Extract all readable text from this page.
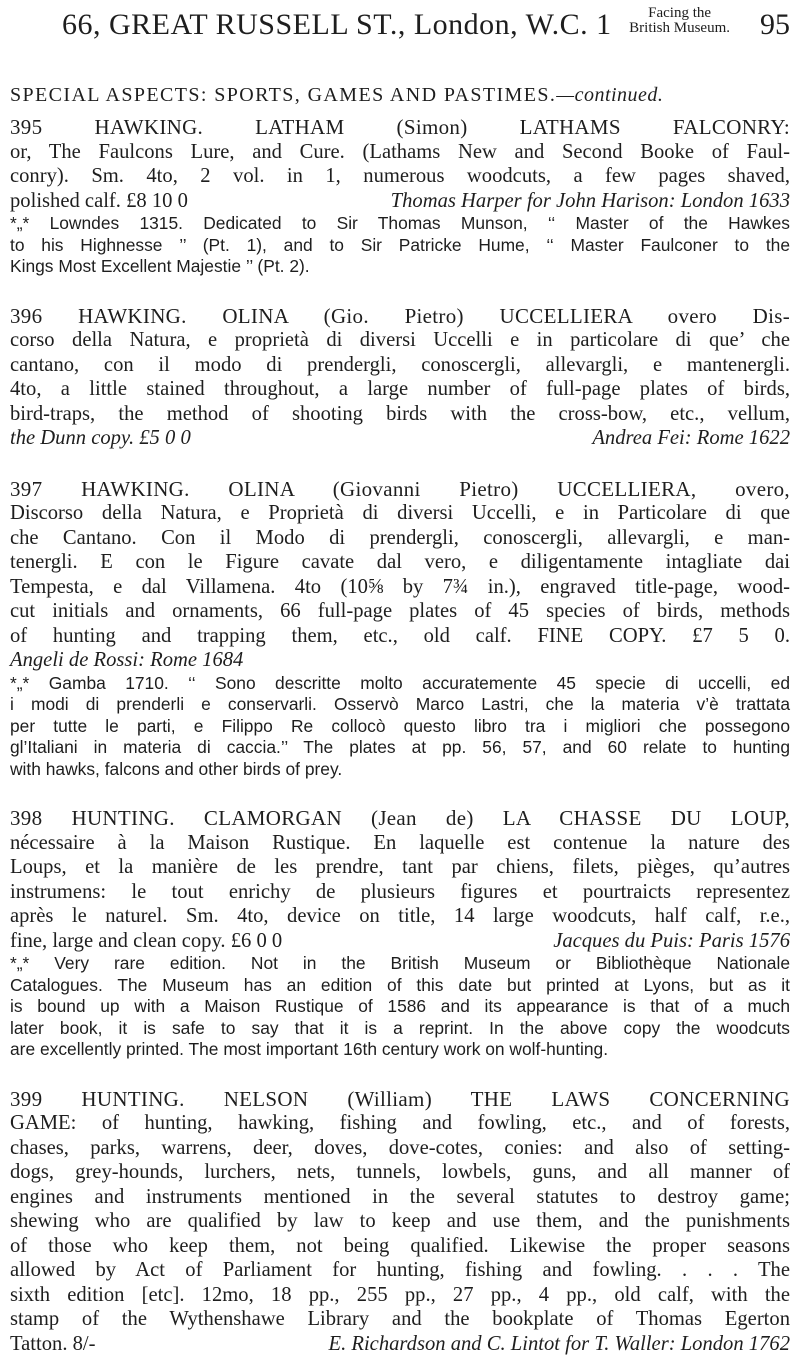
66, GREAT RUSSELL ST., London, W.C. 1	Facing the
British Museum. 95
SPECIAL ASPECTS: SPORTS, GAMES AND PASTIMES.—continued.
395 HAWKING. LATHAM (Simon) LATHAMS FALCONRY:
or, The Faulcons Lure, and Cure. (Lathams New and Second Booke of Faul-
conry). Sm. 4to, 2 vol. in 1, numerous woodcuts, a few pages shaved,
polished calf. £8 10 0	Thomas Harper for John Harison: London 1633
*„* Lowndes 1315. Dedicated to Sir Thomas Munson, ‘‘ Master of the Hawkes
to his Highnesse ’’ (Pt. 1), and to Sir Patricke Hume, ‘‘ Master Faulconer to the
Kings Most Excellent Majestie ’’ (Pt. 2).
396 HAWKING. OLINA (Gio. Pietro) UCCELLIERA overo Dis-
corso della Natura, e proprietà di diversi Uccelli e in particolare di que’ che
cantano, con il modo di prendergli, conoscergli, allevargli, e mantenergli.
4to, a little stained throughout, a large number of full-page plates of birds,
bird-traps, the method of shooting birds with the cross-bow, etc., vellum,
the Dunn copy. £5 0 0	Andrea Fei: Rome 1622
397 HAWKING. OLINA (Giovanni Pietro) UCCELLIERA, overo,
Discorso della Natura, e Proprietà di diversi Uccelli, e in Particolare di que
che Cantano. Con il Modo di prendergli, conoscergli, allevargli, e man-
tenergli. E con le Figure cavate dal vero, e diligentamente intagliate dai
Tempesta, e dal Villamena. 4to (10⅝ by 7¾ in.), engraved title-page, wood-
cut initials and ornaments, 66 full-page plates of 45 species of birds, methods
of hunting and trapping them, etc., old calf. FINE COPY. £7 5 0.
Angeli de Rossi: Rome 1684
*„* Gamba 1710. ‘‘ Sono descritte molto accuratemente 45 specie di uccelli, ed
i modi di prenderli e conservarli. Osservò Marco Lastri, che la materia v’è trattata
per tutte le parti, e Filippo Re collocò questo libro tra i migliori che possegono
gl’Italiani in materia di caccia.’’ The plates at pp. 56, 57, and 60 relate to hunting
with hawks, falcons and other birds of prey.
398 HUNTING. CLAMORGAN (Jean de) LA CHASSE DU LOUP,
nécessaire à la Maison Rustique. En laquelle est contenue la nature des
Loups, et la manière de les prendre, tant par chiens, filets, pièges, qu’autres
instrumens: le tout enrichy de plusieurs figures et pourtraicts representez
après le naturel. Sm. 4to, device on title, 14 large woodcuts, half calf, r.e.,
fine, large and clean copy. £6 0 0	Jacques du Puis: Paris 1576
*„* Very rare edition. Not in the British Museum or Bibliothèque Nationale
Catalogues. The Museum has an edition of this date but printed at Lyons, but as it
is bound up with a Maison Rustique of 1586 and its appearance is that of a much
later book, it is safe to say that it is a reprint. In the above copy the woodcuts
are excellently printed. The most important 16th century work on wolf-hunting.
399 HUNTING. NELSON (William) THE LAWS CONCERNING
GAME: of hunting, hawking, fishing and fowling, etc., and of forests,
chases, parks, warrens, deer, doves, dove-cotes, conies: and also of setting-
dogs, grey-hounds, lurchers, nets, tunnels, lowbels, guns, and all manner of
engines and instruments mentioned in the several statutes to destroy game;
shewing who are qualified by law to keep and use them, and the punishments
of those who keep them, not being qualified. Likewise the proper seasons
allowed by Act of Parliament for hunting, fishing and fowling. . . . The
sixth edition [etc]. 12mo, 18 pp., 255 pp., 27 pp., 4 pp., old calf, with the
stamp of the Wythenshawe Library and the bookplate of Thomas Egerton
Tatton. 8/-	E. Richardson and C. Lintot for T. Waller: London 1762
